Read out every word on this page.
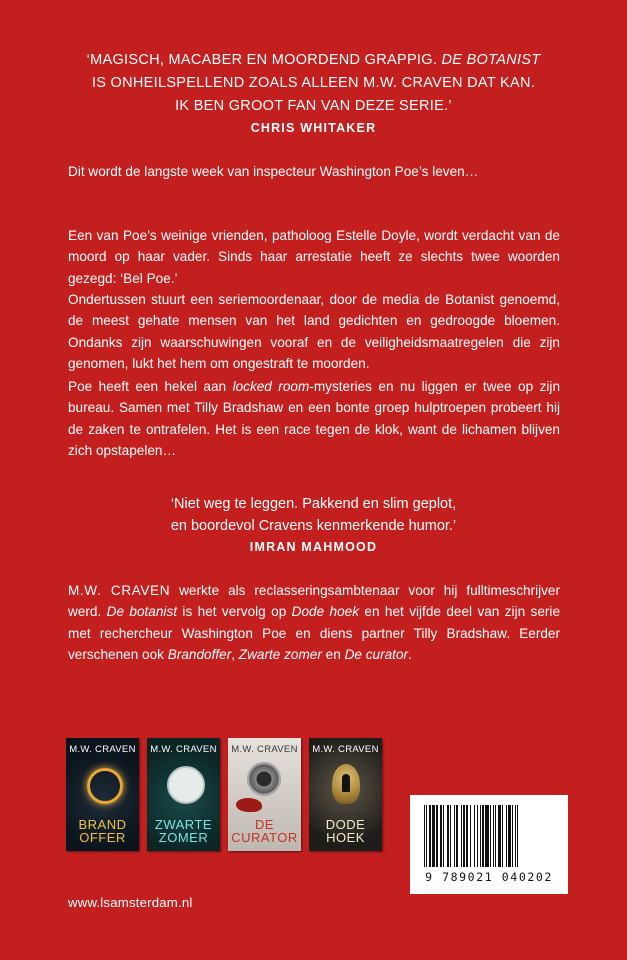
‘MAGISCH, MACABER EN MOORDEND GRAPPIG. DE BOTANIST
IS ONHEILSPELLEND ZOALS ALLEEN M.W. CRAVEN DAT KAN.
IK BEN GROOT FAN VAN DEZE SERIE.’
CHRIS WHITAKER

Dit wordt de langste week van inspecteur Washington Poe’s leven…

Een van Poe’s weinige vrienden, patholoog Estelle Doyle, wordt verdacht van de moord op haar vader. Sinds haar arrestatie heeft ze slechts twee woorden gezegd: ‘Bel Poe.’

Ondertussen stuurt een seriemoordenaar, door de media de Botanist genoemd, de meest gehate mensen van het land gedichten en gedroogde bloemen. Ondanks zijn waarschuwingen vooraf en de veiligheidsmaatregelen die zijn genomen, lukt het hem om ongestraft te moorden.

Poe heeft een hekel aan locked room-mysteries en nu liggen er twee op zijn bureau. Samen met Tilly Bradshaw en een bonte groep hulptroepen probeert hij de zaken te ontrafelen. Het is een race tegen de klok, want de lichamen blijven zich opstapelen…

‘Niet weg te leggen. Pakkend en slim geplot,
en boordevol Cravens kenmerkende humor.’
IMRAN MAHMOOD
M.W. CRAVEN werkte als reclasseringsambtenaar voor hij fulltimeschrijver werd. De botanist is het vervolg op Dode hoek en het vijfde deel van zijn serie met rechercheur Washington Poe en diens partner Tilly Bradshaw. Eerder verschenen ook Brandoffer, Zwarte zomer en De curator.
M.W. CRAVEN
BRAND
OFFER
M.W. CRAVEN
ZWARTE
ZOMER
M.W. CRAVEN
DE
CURATOR
M.W. CRAVEN
DODE
HOEK
9 789021 040202
www.lsamsterdam.nl
